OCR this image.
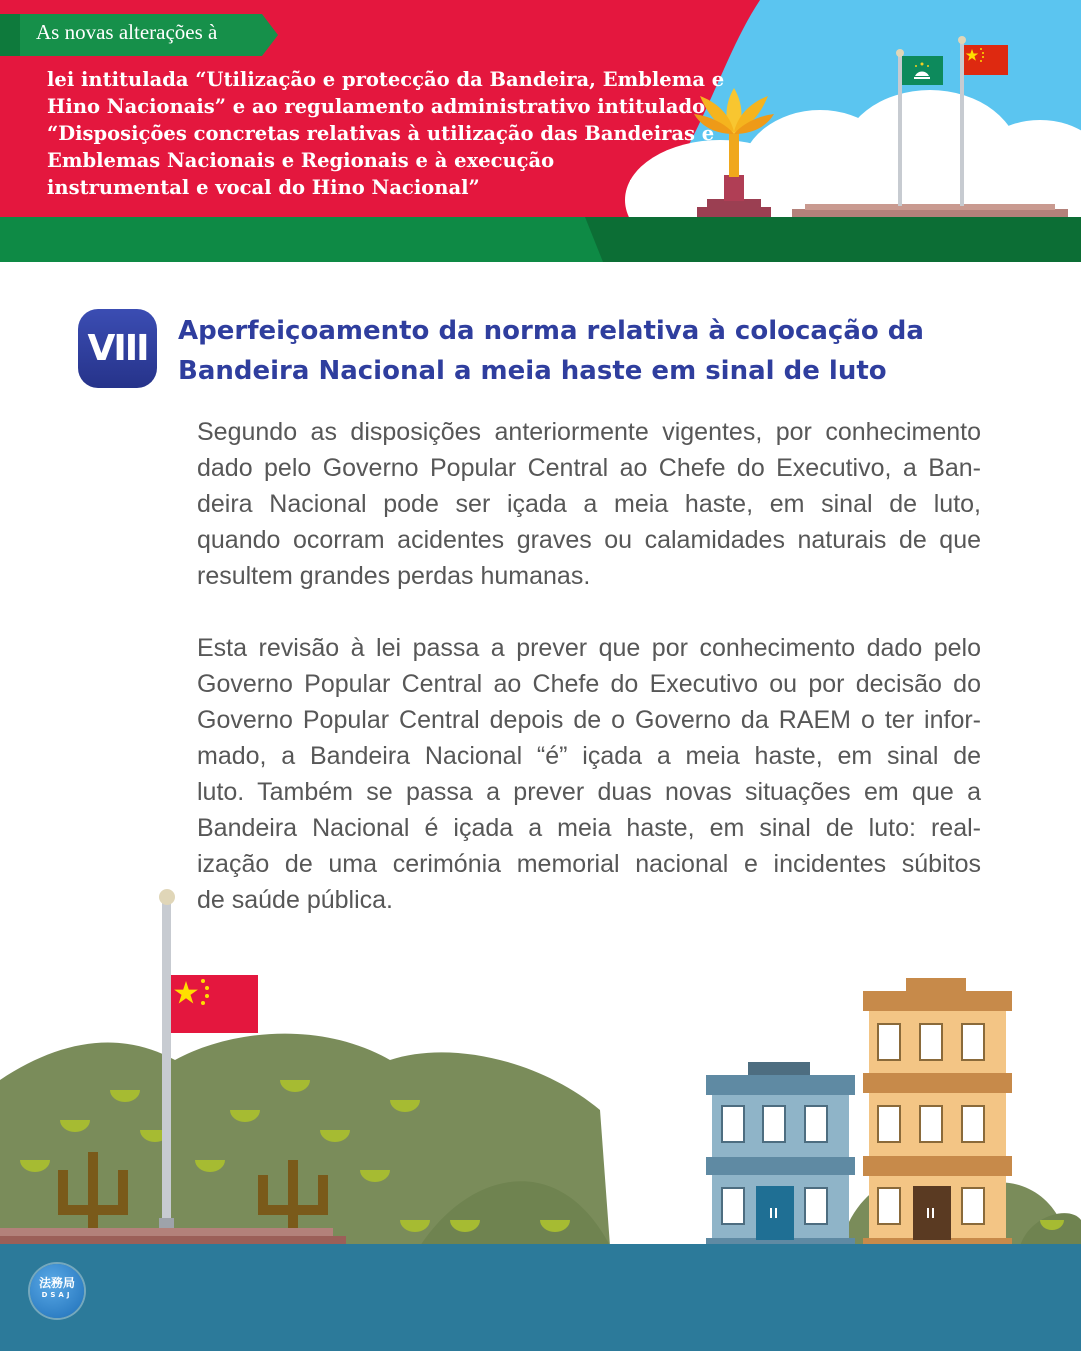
As novas alterações à
lei intitulada “Utilização e protecção da Bandeira, Emblema e
Hino Nacionais” e ao regulamento administrativo intitulado
“Disposições concretas relativas à utilização das Bandeiras e
Emblemas Nacionais e Regionais e à execução
instrumental e vocal do Hino Nacional”
VIII	Aperfeiçoamento da norma relativa à colocação da
Bandeira Nacional a meia haste em sinal de luto
Segundo as disposições anteriormente vigentes, por conhecimento
dado pelo Governo Popular Central ao Chefe do Executivo, a Ban-
deira Nacional pode ser içada a meia haste, em sinal de luto,
quando ocorram acidentes graves ou calamidades naturais de que
resultem grandes perdas humanas.
Esta revisão à lei passa a prever que por conhecimento dado pelo
Governo Popular Central ao Chefe do Executivo ou por decisão do
Governo Popular Central depois de o Governo da RAEM o ter infor-
mado, a Bandeira Nacional “é” içada a meia haste, em sinal de
luto. Também se passa a prever duas novas situações em que a
Bandeira Nacional é içada a meia haste, em sinal de luto: real-
ização de uma cerimónia memorial nacional e incidentes súbitos
de saúde pública.
法務局
DSAJ
